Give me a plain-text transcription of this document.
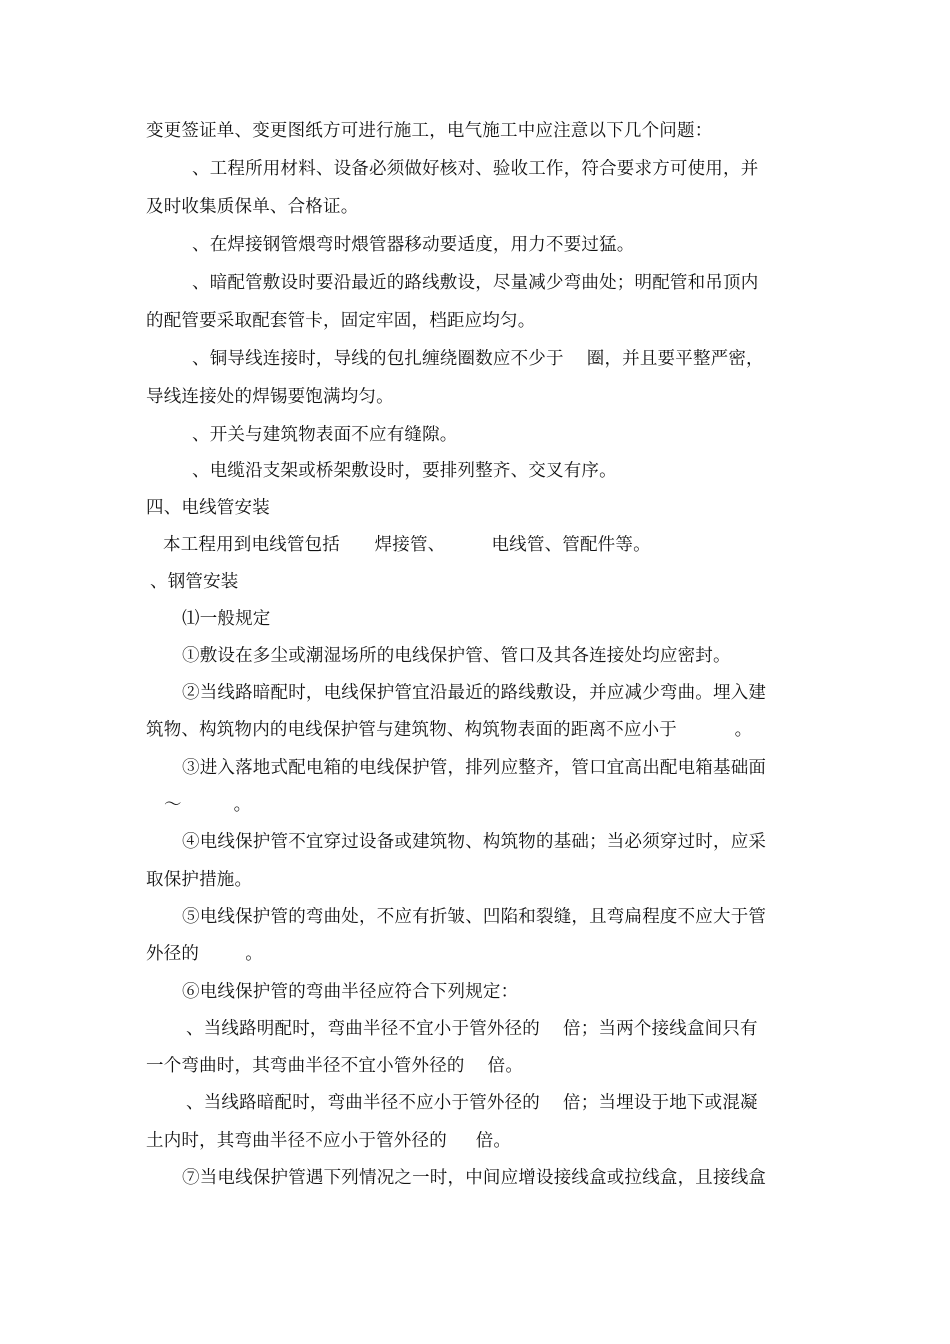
变更签证单、变更图纸方可进行施工，电气施工中应注意以下几个问题：

、工程所用材料、设备必须做好核对、验收工作，符合要求方可使用，并

及时收集质保单、合格证。

、在焊接钢管煨弯时煨管器移动要适度，用力不要过猛。

、暗配管敷设时要沿最近的路线敷设，尽量减少弯曲处；明配管和吊顶内

的配管要采取配套管卡，固定牢固，档距应均匀。

、铜导线连接时，导线的包扎缠绕圈数应不少于    圈，并且要平整严密，

导线连接处的焊锡要饱满均匀。

、开关与建筑物表面不应有缝隙。

、电缆沿支架或桥架敷设时，要排列整齐、交叉有序。

四、电线管安装

本工程用到电线管包括      焊接管、        电线管、管配件等。

、钢管安装

⑴一般规定

①敷设在多尘或潮湿场所的电线保护管、管口及其各连接处均应密封。

②当线路暗配时，电线保护管宜沿最近的路线敷设，并应减少弯曲。埋入建

筑物、构筑物内的电线保护管与建筑物、构筑物表面的距离不应小于          。

③进入落地式配电箱的电线保护管，排列应整齐，管口宜高出配电箱基础面

～         。

④电线保护管不宜穿过设备或建筑物、构筑物的基础；当必须穿过时，应采

取保护措施。

⑤电线保护管的弯曲处，不应有折皱、凹陷和裂缝，且弯扁程度不应大于管

外径的        。

⑥电线保护管的弯曲半径应符合下列规定：

、当线路明配时，弯曲半径不宜小于管外径的    倍；当两个接线盒间只有

一个弯曲时，其弯曲半径不宜小管外径的    倍。

、当线路暗配时，弯曲半径不应小于管外径的    倍；当埋设于地下或混凝

土内时，其弯曲半径不应小于管外径的     倍。

⑦当电线保护管遇下列情况之一时，中间应增设接线盒或拉线盒，且接线盒
